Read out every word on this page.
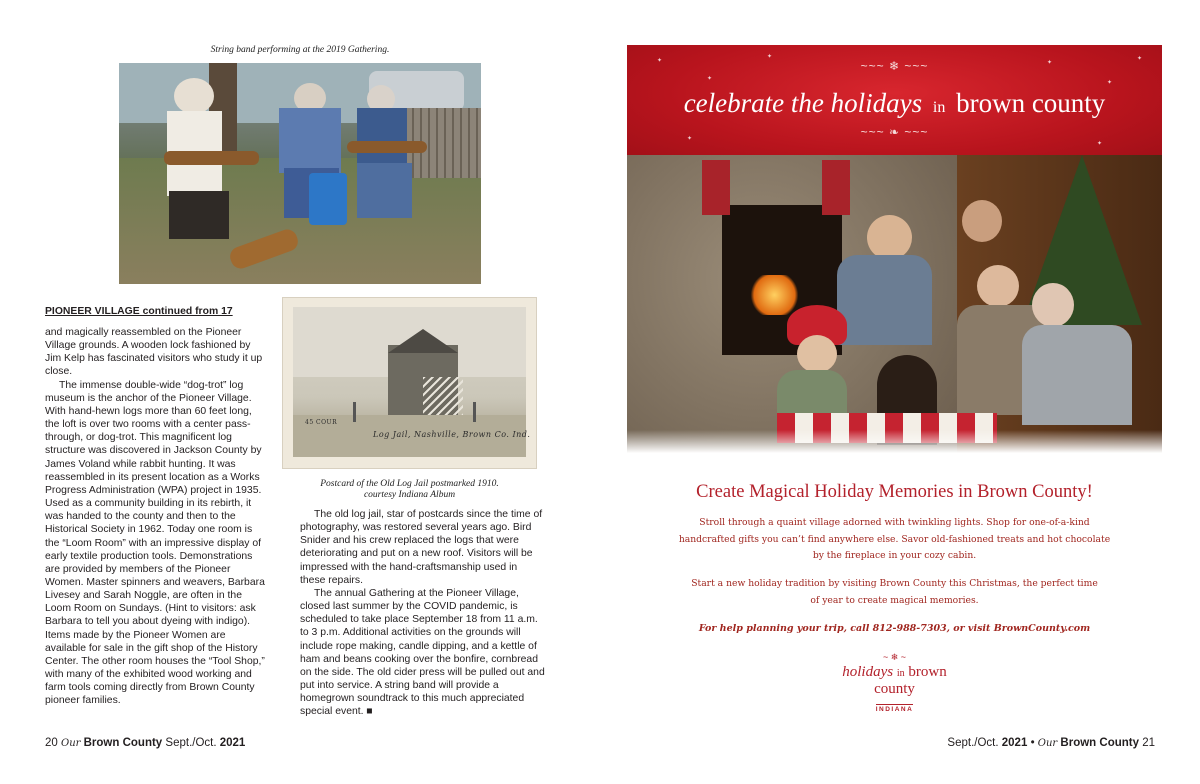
String band performing at the 2019 Gathering.
PIONEER VILLAGE continued from 17

and magically reassembled on the Pioneer Village grounds. A wooden lock fashioned by Jim Kelp has fascinated visitors who study it up close.

The immense double-wide “dog-trot” log museum is the anchor of the Pioneer Village. With hand-hewn logs more than 60 feet long, the loft is over two rooms with a center pass-through, or dog-trot. This magnificent log structure was discovered in Jackson County by James Voland while rabbit hunting. It was reassembled in its present location as a Works Progress Administration (WPA) project in 1935. Used as a community building in its rebirth, it was handed to the county and then to the Historical Society in 1962. Today one room is the “Loom Room” with an impressive display of early textile production tools. Demonstrations are provided by members of the Pioneer Women. Master spinners and weavers, Barbara Livesey and Sarah Noggle, are often in the Loom Room on Sundays. (Hint to visitors: ask Barbara to tell you about dyeing with indigo). Items made by the Pioneer Women are available for sale in the gift shop of the History Center. The other room houses the “Tool Shop,” with many of the exhibited wood working and farm tools coming directly from Brown County pioneer families.

Log Jail, Nashville, Brown Co. Ind.
45 COUR
Postcard of the Old Log Jail postmarked 1910.
courtesy Indiana Album

The old log jail, star of postcards since the time of photography, was restored several years ago. Bird Snider and his crew replaced the logs that were deteriorating and put on a new roof. Visitors will be impressed with the hand-craftsmanship used in these repairs.

The annual Gathering at the Pioneer Village, closed last summer by the COVID pandemic, is scheduled to take place September 18 from 11 a.m. to 3 p.m. Additional activities on the grounds will include rope making, candle dipping, and a kettle of ham and beans cooking over the bonfire, cornbread on the side. The old cider press will be pulled out and put into service. A string band will provide a homegrown soundtrack to this much appreciated special event. ■

20 Our Brown County Sept./Oct. 2021
✦
✦
✦
✦
✦
✦
✦
✦
~~~ ❄ ~~~
celebrate the holidays in brown county
~~~ ❧ ~~~
Create Magical Holiday Memories in Brown County!
Stroll through a quaint village adorned with twinkling lights. Shop for one-of-a-kind
handcrafted gifts you can’t find anywhere else. Savor old-fashioned treats and hot chocolate
by the fireplace in your cozy cabin.
Start a new holiday tradition by visiting Brown County this Christmas, the perfect time
of year to create magical memories.
For help planning your trip, call 812-988-7303, or visit BrownCounty.com
~ ❄ ~
holidays in brown county
INDIANA
Sept./Oct. 2021 • Our Brown County 21
